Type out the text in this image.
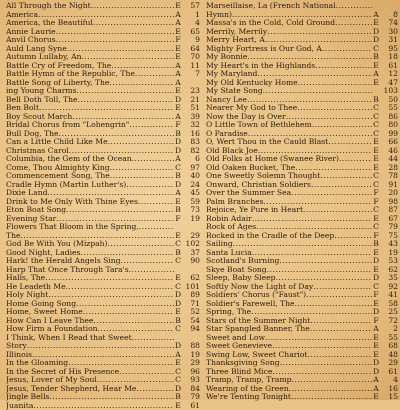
All Through the Night .....	E	57
America .....	A	1
America, the Beautiful .....	A	4
Annie Laurie .....	E	65
Anvil Chorus .....	F	9
Auld Lang Syne .....	E	64
Autumn Lullaby, An .....	E	70
Battle Cry of Freedom, The .....	A	11
Battle Hymn of the Republic, The .....	A	7
Battle Song of Liberty, The .....	A
ing Young Charms .....	E	23
Bell Doth Toll, The .....	D	21
Ben Bolt .....	E	51
Boy Scout March .....	A	39
Bridal Chorus from "Lohengrin" .....	F	32
Bull Dog, The .....	B	16
Can a Little Child Like Me .....	D	83
Christmas Carol .....	D	82
Columbia, the Gem of the Ocean .....	A	6
Come, Thou Almighty King .....	C	97
Commencement Song, The .....	B	40
Cradle Hymn (Martin Luther's) .....	D	24
Dixie Land .....	A	45
Drink to Me Only With Thine Eyes .....	E	59
Eton Boat Song .....	B	73
Evening Star .....	F	19
Flowers That Bloom in the Spring, .....
The .....	E	29
God Be With You (Mizpah) .....	C 102
Good Night, Ladies .....	B	37
Hark! the Herald Angels Sing .....	C	90
Harp That Once Through Tara's .....
Halls, The .....	E	62
He Leadeth Me .....	C 101
Holy Night .....	D	89
Home Going Song .....	D	71
Home, Sweet Home .....	E	52
How Can I Leave Thee .....	B	54
How Firm a Foundation .....	C	94
I Think, When I Read that Sweet .....
Story .....	D	88
Illinois .....	A	19
In the Gloaming .....	E	29
In the Secret of His Presence .....	C	96
Jesus, Lover of My Soul .....	C	93
Jesus, Tender Shepherd, Hear Me .....	D	84
Jingle Bells .....	B	79
Juanita .....	E	61
Marseillaise, La (French National .....
Hymn) .....	A	8
Massa's in the Cold, Cold Ground .....	E	74
Merrily, Merrily .....	D	30
Merry Heart, A .....	D	31
Mighty Fortress is Our God, A .....	C	95
My Bonnie .....	B	18
My Heart's in the Highlands .....	E	61
My Maryland .....	A	12
My Old Kentucky Home .....	E	47
My State Song .....	103
Nancy Lee .....	B	50
Nearer My God to Thee .....	C	55
Now the Day is Over .....	C	86
O Little Town of Bethlehem .....	C	80
O Paradise .....	C	99
O, Wert Thou in the Cauld Blast .....	E	66
Old Black Joe .....	E	46
Old Folks at Home (Swanee River) .....	E	44
Old Oaken Bucket, The .....	E	28
One Sweetly Solemn Thought .....	C	78
Onward, Christian Soldiers .....	C	91
Over the Summer Sea .....	F	20
Palm Branches .....	F	98
Rejoice, Ye Pure in Heart .....	C	87
Robin Adair .....	E	67
Rock of Ages .....	C	79
Rocked in the Cradle of the Deep .....	F	75
Sailing .....	B	43
Santa Lucia .....	E	19
Scotland's Burning .....	D	53
Skye Boat Song .....	E	62
Sleep, Baby Sleep .....	D	35
Softly Now the Light of Day .....	C	92
Soldiers' Chorus ("Faust") .....	F	41
Soldier's Farewell, The .....	E	58
Spring, The .....	D	25
Stars of the Summer Night .....	F	72
Star Spangled Banner, The .....	A	2
Sweet and Low .....	E	55
Sweet Genevieve .....	E	68
Swing Low, Sweet Chariot .....	E	48
Thanksgiving Song .....	D	29
Three Blind Mice .....	D	61
Tramp, Tramp, Tramp .....	A	4
Wearing of the Green .....	A	16
We're Tenting Tonight .....	E	15
